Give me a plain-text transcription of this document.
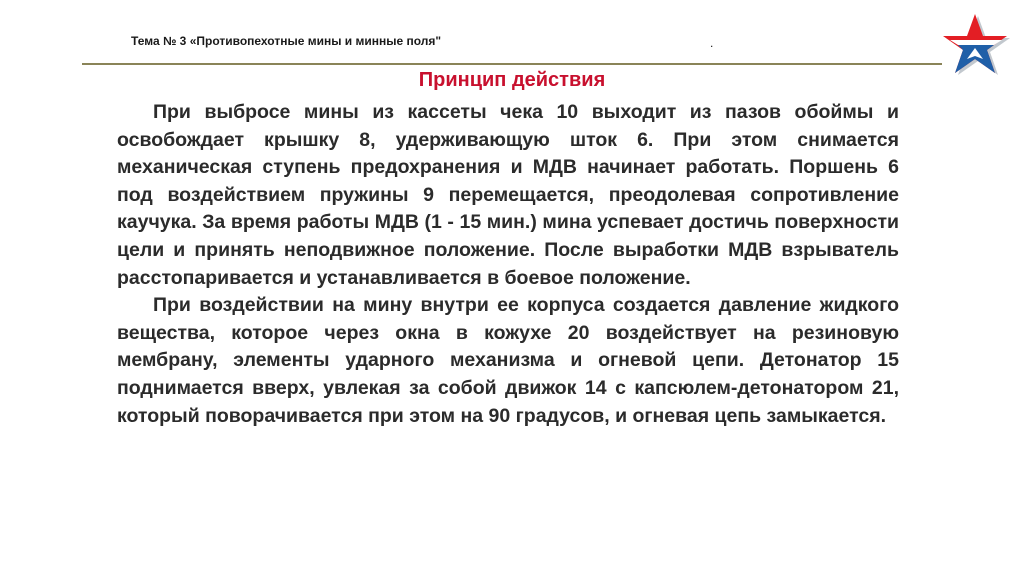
Тема № 3 «Противопехотные мины и минные поля"	.
Принцип действия

При выбросе мины из кассеты чека 10 выходит из пазов обоймы и освобождает крышку 8, удерживающую шток 6. При этом снимается механическая ступень предохранения и МДВ начинает работать. Поршень 6 под воздействием пружины 9 перемещается, преодолевая сопротивление каучука. За время работы МДВ (1 - 15 мин.) мина успевает достичь поверхности цели и принять неподвижное положение. После выработки МДВ взрыватель расстопаривается и устанавливается в боевое положение.

При воздействии на мину внутри ее корпуса создается давление жидкого вещества, которое через окна в кожухе 20 воздействует на резиновую мембрану, элементы ударного механизма и огневой цепи. Детонатор 15 поднимается вверх, увлекая за собой движок 14 с капсюлем-детонатором 21, который поворачивается при этом на 90 градусов, и огневая цепь замыкается.
